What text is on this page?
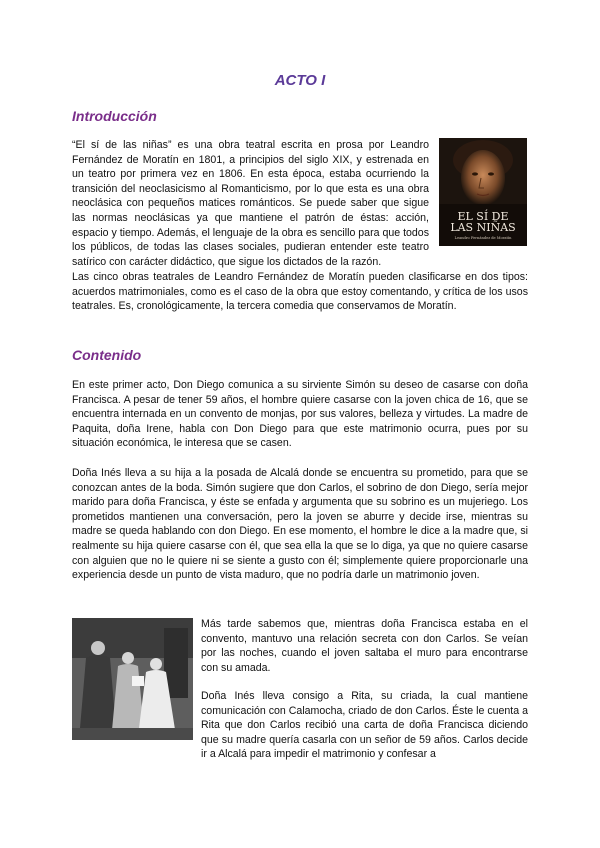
ACTO I
Introducción

“El sí de las niñas” es una obra teatral escrita en prosa por Leandro Fernández de Moratín en 1801, a principios del siglo XIX, y estrenada en un teatro por primera vez en 1806. En esta época, estaba ocurriendo la transición del neoclasicismo al Romanticismo, por lo que esta es una obra neoclásica con pequeños matices románticos. Se puede saber que sigue las normas neoclásicas ya que mantiene el patrón de éstas: acción, espacio y tiempo. Además, el lenguaje de la obra es sencillo para que todos los públicos, de todas las clases sociales, pudieran entender este teatro satírico con carácter didáctico, que sigue los dictados de la razón.

EL SÍ DE
LAS NIÑAS
Leandro Fernández de Moratín

Las cinco obras teatrales de Leandro Fernández de Moratín pueden clasificarse en dos tipos: acuerdos matrimoniales, como es el caso de la obra que estoy comentando, y crítica de los usos teatrales. Es, cronológicamente, la tercera comedia que conservamos de Moratín.

Contenido

En este primer acto, Don Diego comunica a su sirviente Simón su deseo de casarse con doña Francisca. A pesar de tener 59 años, el hombre quiere casarse con la joven chica de 16, que se encuentra internada en un convento de monjas, por sus valores, belleza y virtudes. La madre de Paquita, doña Irene, habla con Don Diego para que este matrimonio ocurra, pues por su situación económica, le interesa que se casen.

Doña Inés lleva a su hija a la posada de Alcalá donde se encuentra su prometido, para que se conozcan antes de la boda. Simón sugiere que don Carlos, el sobrino de don Diego, sería mejor marido para doña Francisca, y éste se enfada y argumenta que su sobrino es un mujeriego. Los prometidos mantienen una conversación, pero la joven se aburre y decide irse, mientras su madre se queda hablando con don Diego. En ese momento, el hombre le dice a la madre que, si realmente su hija quiere casarse con él, que sea ella la que se lo diga, ya que no quiere casarse con alguien que no le quiere ni se siente a gusto con él; simplemente quiere proporcionarle una experiencia desde un punto de vista maduro, que no podría darle un matrimonio joven.

Más tarde sabemos que, mientras doña Francisca estaba en el convento, mantuvo una relación secreta con don Carlos. Se veían por las noches, cuando el joven saltaba el muro para encontrarse con su amada.

Doña Inés lleva consigo a Rita, su criada, la cual mantiene comunicación con Calamocha, criado de don Carlos. Éste le cuenta a Rita que don Carlos recibió una carta de doña Francisca diciendo que su madre quería casarla con un señor de 59 años. Carlos decide ir a Alcalá para impedir el matrimonio y confesar a
